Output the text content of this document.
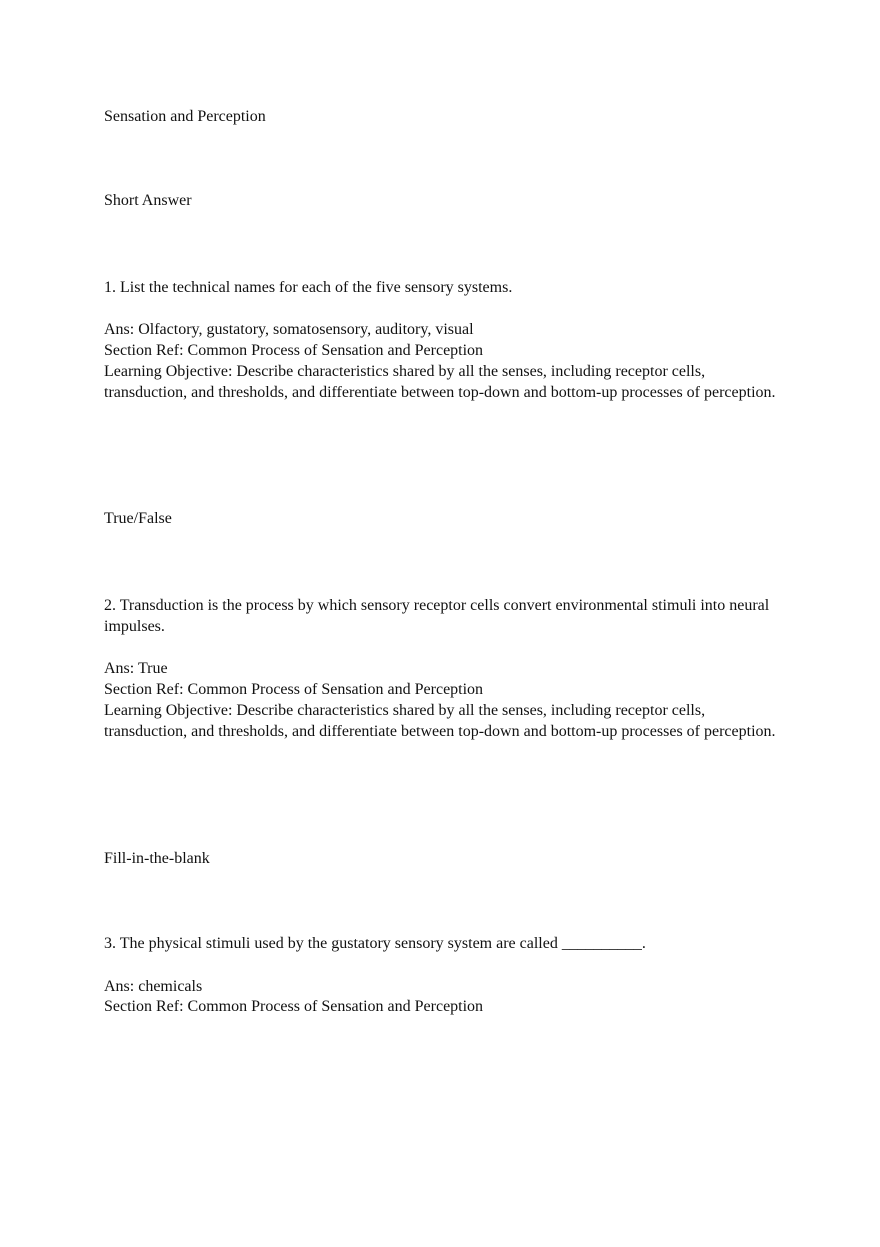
Sensation and Perception
Short Answer
1. List the technical names for each of the five sensory systems.
Ans: Olfactory, gustatory, somatosensory, auditory, visual
Section Ref: Common Process of Sensation and Perception
Learning Objective: Describe characteristics shared by all the senses, including receptor cells, transduction, and thresholds, and differentiate between top-down and bottom-up processes of perception.
True/False
2. Transduction is the process by which sensory receptor cells convert environmental stimuli into neural impulses.
Ans: True
Section Ref: Common Process of Sensation and Perception
Learning Objective: Describe characteristics shared by all the senses, including receptor cells, transduction, and thresholds, and differentiate between top-down and bottom-up processes of perception.
Fill-in-the-blank
3. The physical stimuli used by the gustatory sensory system are called __________.
Ans: chemicals
Section Ref: Common Process of Sensation and Perception
